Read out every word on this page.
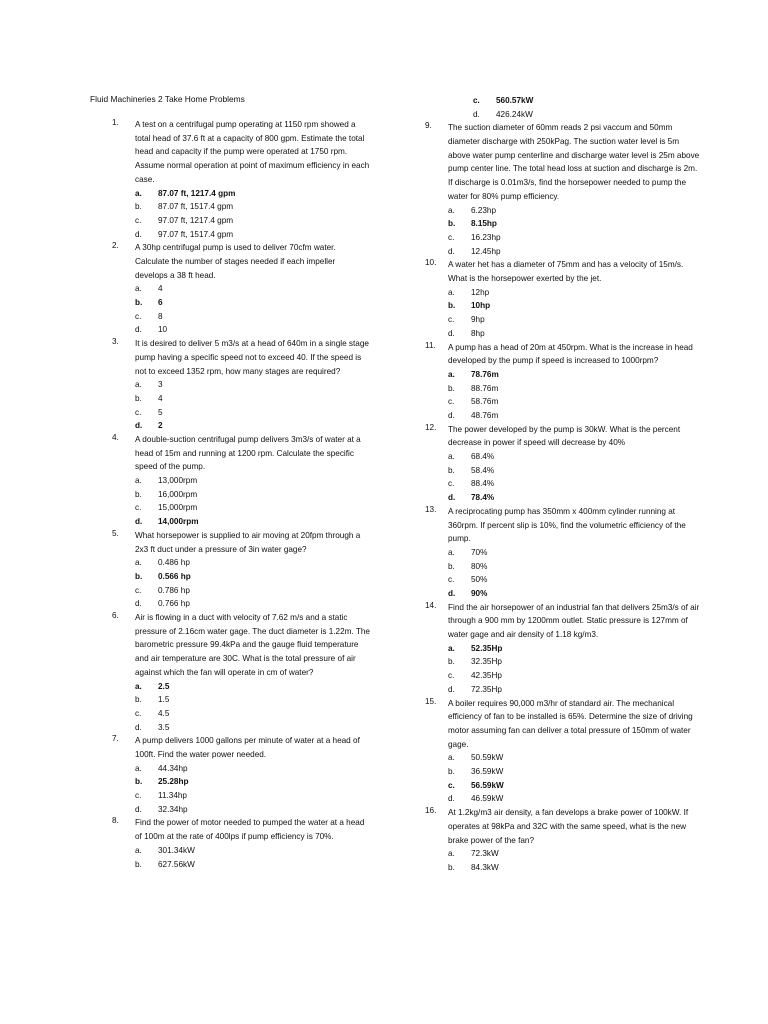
Fluid Machineries 2 Take Home Problems
1.	A test on a centrifugal pump operating at 1150 rpm showed a total head of 37.6 ft at a capacity of 800 gpm. Estimate the total head and capacity if the pump were operated at 1750 rpm. Assume normal operation at point of maximum efficiency in each case.
a.	87.07 ft, 1217.4 gpm
b.	87.07 ft, 1517.4 gpm
c.	97.07 ft, 1217.4 gpm
d.	97.07 ft, 1517.4 gpm
2.	A 30hp centrifugal pump is used to deliver 70cfm water. Calculate the number of stages needed if each impeller develops a 38 ft head.
a.	4
b.	6
c.	8
d.	10
3.	It is desired to deliver 5 m3/s at a head of 640m in a single stage pump having a specific speed not to exceed 40. If the speed is not to exceed 1352 rpm, how many stages are required?
a.	3
b.	4
c.	5
d.	2
4.	A double-suction centrifugal pump delivers 3m3/s of water at a head of 15m and running at 1200 rpm. Calculate the specific speed of the pump.
a.	13,000rpm
b.	16,000rpm
c.	15,000rpm
d.	14,000rpm
5.	What horsepower is supplied to air moving at 20fpm through a 2x3 ft duct under a pressure of 3in water gage?
a.	0.486 hp
b.	0.566 hp
c.	0.786 hp
d.	0.766 hp
6.	Air is flowing in a duct with velocity of 7.62 m/s and a static pressure of 2.16cm water gage. The duct diameter is 1.22m. The barometric pressure 99.4kPa and the gauge fluid temperature and air temperature are 30C. What is the total pressure of air against which the fan will operate in cm of water?
a.	2.5
b.	1.5
c.	4.5
d.	3.5
7.	A pump delivers 1000 gallons per minute of water at a head of 100ft. Find the water power needed.
a.	44.34hp
b.	25.28hp
c.	11.34hp
d.	32.34hp
8.	Find the power of motor needed to pumped the water at a head of 100m at the rate of 400lps if pump efficiency is 70%.
a.	301.34kW
b.	627.56kW
c.	560.57kW
d.	426.24kW
9.	The suction diameter of 60mm reads 2 psi vaccum and 50mm diameter discharge with 250kPag. The suction water level is 5m above water pump centerline and discharge water level is 25m above pump center line. The total head loss at suction and discharge is 2m. If discharge is 0.01m3/s, find the horsepower needed to pump the water for 80% pump efficiency.
a.	6.23hp
b.	8.15hp
c.	16.23hp
d.	12.45hp
10.	A water het has a diameter of 75mm and has a velocity of 15m/s. What is the horsepower exerted by the jet.
a.	12hp
b.	10hp
c.	9hp
d.	8hp
11.	A pump has a head of 20m at 450rpm. What is the increase in head developed by the pump if speed is increased to 1000rpm?
a.	78.76m
b.	88.76m
c.	58.76m
d.	48.76m
12.	The power developed by the pump is 30kW. What is the percent decrease in power if speed will decrease by 40%
a.	68.4%
b.	58.4%
c.	88.4%
d.	78.4%
13.	A reciprocating pump has 350mm x 400mm cylinder running at 360rpm. If percent slip is 10%, find the volumetric efficiency of the pump.
a.	70%
b.	80%
c.	50%
d.	90%
14.	Find the air horsepower of an industrial fan that delivers 25m3/s of air through a 900 mm by 1200mm outlet. Static pressure is 127mm of water gage and air density of 1.18 kg/m3.
a.	52.35Hp
b.	32.35Hp
c.	42.35Hp
d.	72.35Hp
15.	A boiler requires 90,000 m3/hr of standard air. The mechanical efficiency of fan to be installed is 65%. Determine the size of driving motor assuming fan can deliver a total pressure of 150mm of water gage.
a.	50.59kW
b.	36.59kW
c.	56.59kW
d.	46.59kW
16.	At 1.2kg/m3 air density, a fan develops a brake power of 100kW. If operates at 98kPa and 32C with the same speed, what is the new brake power of the fan?
a.	72.3kW
b.	84.3kW
